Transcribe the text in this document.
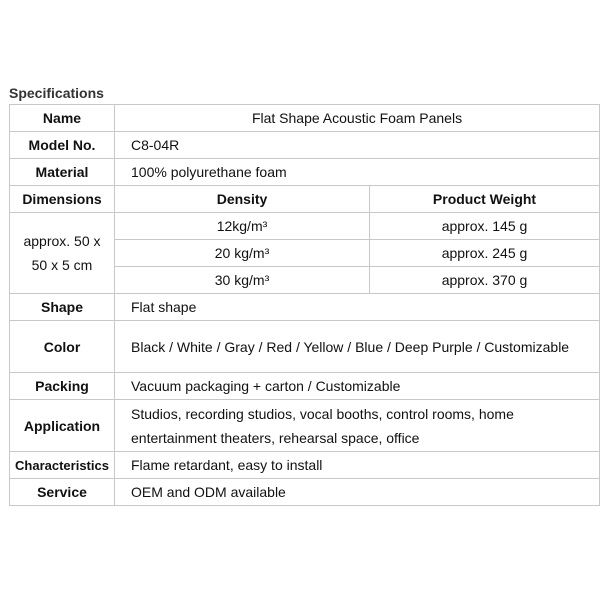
Specifications
Name	Flat Shape Acoustic Foam Panels	
Model No.	C8-04R	
Material	100% polyurethane foam	
Dimensions	Density	Product Weight
approx. 50 x 50 x 5 cm	12kg/m³	approx. 145 g
	20 kg/m³	approx. 245 g
	30 kg/m³	approx. 370 g
Shape	Flat shape	
Color	Black / White / Gray / Red / Yellow / Blue / Deep Purple / Customizable	
Packing	Vacuum packaging + carton / Customizable	
Application	Studios, recording studios, vocal booths, control rooms, home entertainment theaters, rehearsal space, office	
Characteristics	Flame retardant, easy to install	
Service	OEM and ODM available	
